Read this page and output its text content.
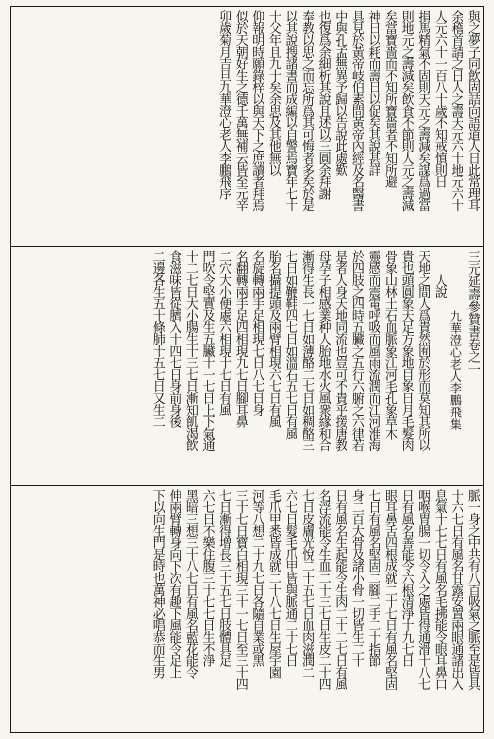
與之夢子同飲固詰向語道人日此常理耳
余稽首請之日人之壽天元六十地元六十
人元六十一百八十歲不知戒慎則日
損馬精氣不固則天元之壽減矣謀爲過當
則地元之壽減矣飲食不節則人元之壽減
矣當寶嗇而不知所寶嗇者不知所避
神日以耗而壽日以促矣其說甚詳
具見於黃帝岐伯素問黃帝內經及名醫書
中與孔孟無異予歸以告說此處歎
也復爲余細析其說且述以三圓余拜謝
奉教以思之而忘所爲其可悔者多矣於是
以其說搜諸書而成編以自警焉寶年七十
十父年且九十矣余思及其他無以
仰報明時願錄梓以與天下之庶讀者拜焉
似於天朝好生之德千萬無補云皆至元辛
卯歲菊月吉旦九華澄心老人李鵬飛序
三元延壽參贊書卷之一
九華澄心老人李鵬飛集
人說
天地之間人爲貴然囿於形而莫知其所以
貴也頭圓象天足方象地目象日月毛髮肉
骨象山林土石血脈象江河毛孔象草木
靈感而震電呼吸而風雨流潤而江河淮海
於四肢之四時五臟之五行六腑之六律若
是者人身天地同流也豈可不貴乎援唐教
母孕子相感業种人胎地水火風衆緣和合
漸得生長一七日如薄酪二七日如稠酪三
七日如鞭鞋四七日如溫石五七日有風
胎名攝提頭及兩臂相現六七日有風
名旋轉兩手足相現七日八七日身
名翻轉兩手足四相現九七日腳耳鼻
二穴大小便處六相現十七日有風
門吹令堅實及生五臟十一七日上下氣通
十二七日大小腸生十三七日漸知飢渴飲
食滋味皆從臍入十四七日身前身後
二邊各生五十條肺十五七日又生二
脈一身之中共有八百吸氣之脈至是皆具
十六七日有風名甘露安置兩眼通諸出入
息氣十七七日有風名毛拂能令眼耳鼻口
咽喉胃腸一切令入之處皆得通滑十八七
日有風名善能令六根清淨十九七日
眼耳鼻舌四根成就二十七日有風名堅固
七日有風名堅固二腳二手二十指節
身二百大骨及諸小骨一切皆生二十
日有風名生起能令生肉二十二七日有風
名浮流能令生血二十三七日生皮二十四
七日皮膚光悅二十五七日血肉滋潤二
六七日髮毛爪甲皆與脈通二十七日
毛爪甲悉皆成就二十八七日生屋宇園
河等八想二十九七日各隨自業或黑
三十七日寶白相現三十一七日至三十四
七日漸得增長三十五七日肢體具足
六七日不樂住腹三十七七日生不淨
黑暗三想三十八七日有風名藍花能令
伸兩臂轉身向下次有趣下風能令足上
下以向生門是時也萬神必唱恭而生男
